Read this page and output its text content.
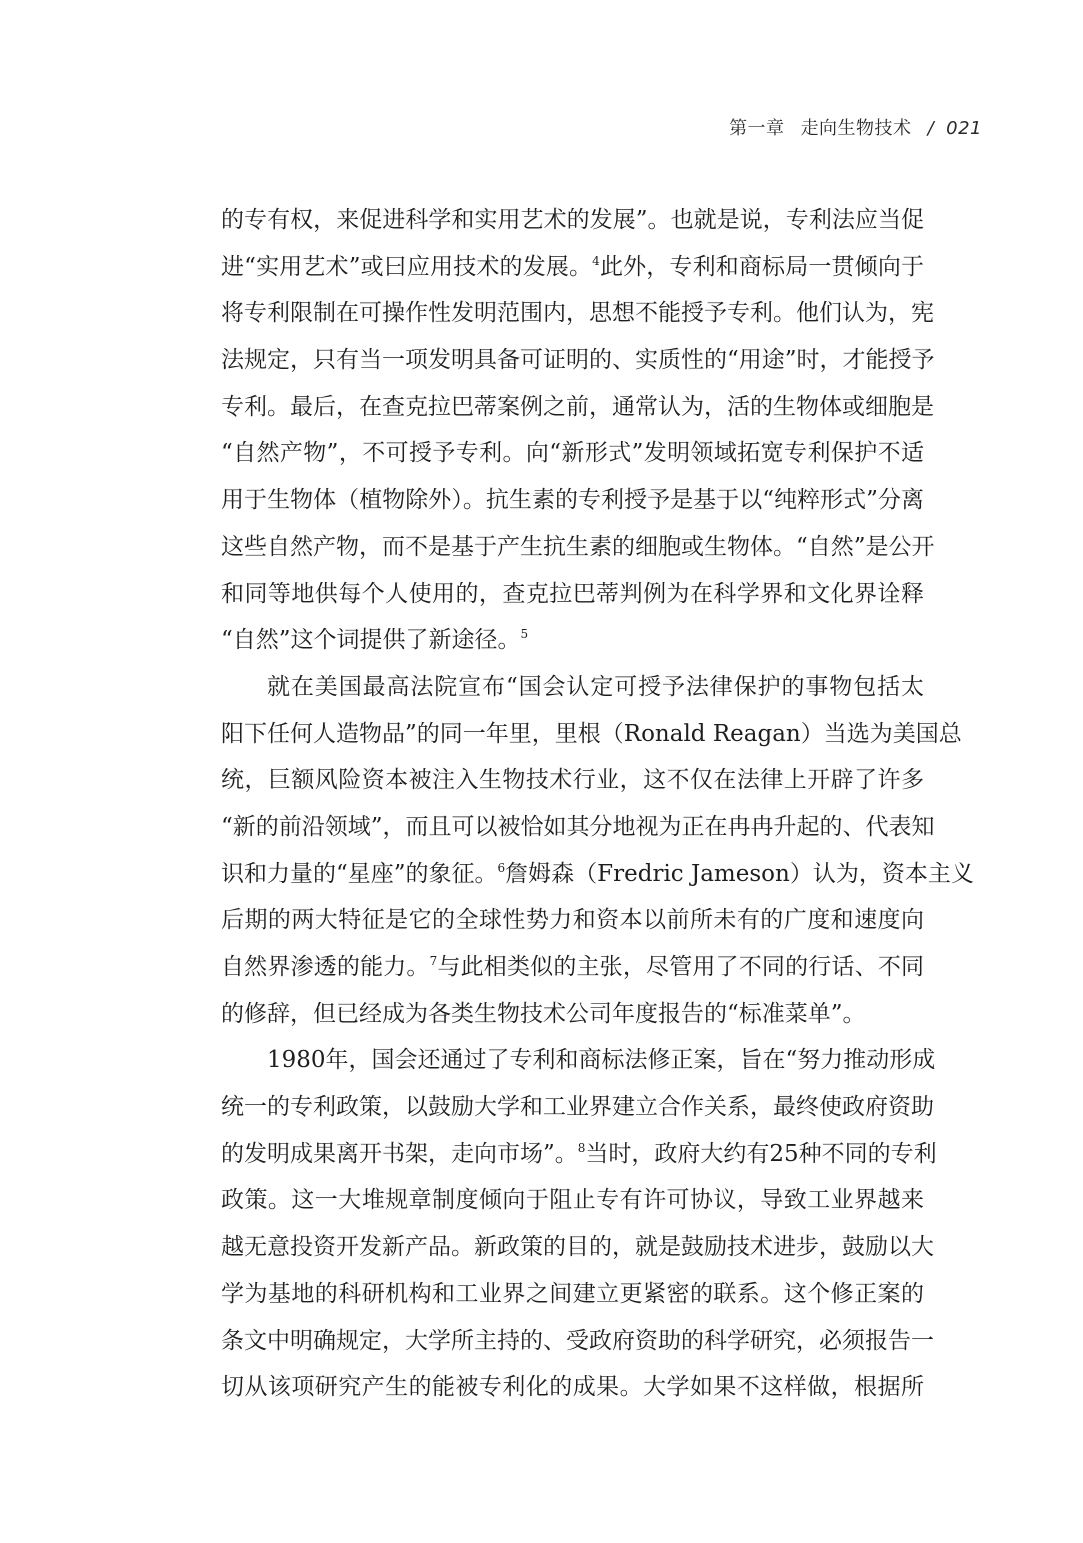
第一章 走向生物技术 / 021
的专有权，来促进科学和实用艺术的发展”。也就是说，专利法应当促
进“实用艺术”或曰应用技术的发展。$^4$此外，专利和商标局一贯倾向于
将专利限制在可操作性发明范围内，思想不能授予专利。他们认为，宪
法规定，只有当一项发明具备可证明的、实质性的“用途”时，才能授予
专利。最后，在查克拉巴蒂案例之前，通常认为，活的生物体或细胞是
“自然产物”，不可授予专利。向“新形式”发明领域拓宽专利保护不适
用于生物体（植物除外）。抗生素的专利授予是基于以“纯粹形式”分离
这些自然产物，而不是基于产生抗生素的细胞或生物体。“自然”是公开
和同等地供每个人使用的，查克拉巴蒂判例为在科学界和文化界诠释
“自然”这个词提供了新途径。$^5$
就在美国最高法院宣布“国会认定可授予法律保护的事物包括太
阳下任何人造物品”的同一年里，里根（Ronald Reagan）当选为美国总
统，巨额风险资本被注入生物技术行业，这不仅在法律上开辟了许多
“新的前沿领域”，而且可以被恰如其分地视为正在冉冉升起的、代表知
识和力量的“星座”的象征。$^6$詹姆森（Fredric Jameson）认为，资本主义
后期的两大特征是它的全球性势力和资本以前所未有的广度和速度向
自然界渗透的能力。$^7$与此相类似的主张，尽管用了不同的行话、不同
的修辞，但已经成为各类生物技术公司年度报告的“标准菜单”。
1980年，国会还通过了专利和商标法修正案，旨在“努力推动形成
统一的专利政策，以鼓励大学和工业界建立合作关系，最终使政府资助
的发明成果离开书架，走向市场”。$^8$当时，政府大约有25种不同的专利
政策。这一大堆规章制度倾向于阻止专有许可协议，导致工业界越来
越无意投资开发新产品。新政策的目的，就是鼓励技术进步，鼓励以大
学为基地的科研机构和工业界之间建立更紧密的联系。这个修正案的
条文中明确规定，大学所主持的、受政府资助的科学研究，必须报告一
切从该项研究产生的能被专利化的成果。大学如果不这样做，根据所
